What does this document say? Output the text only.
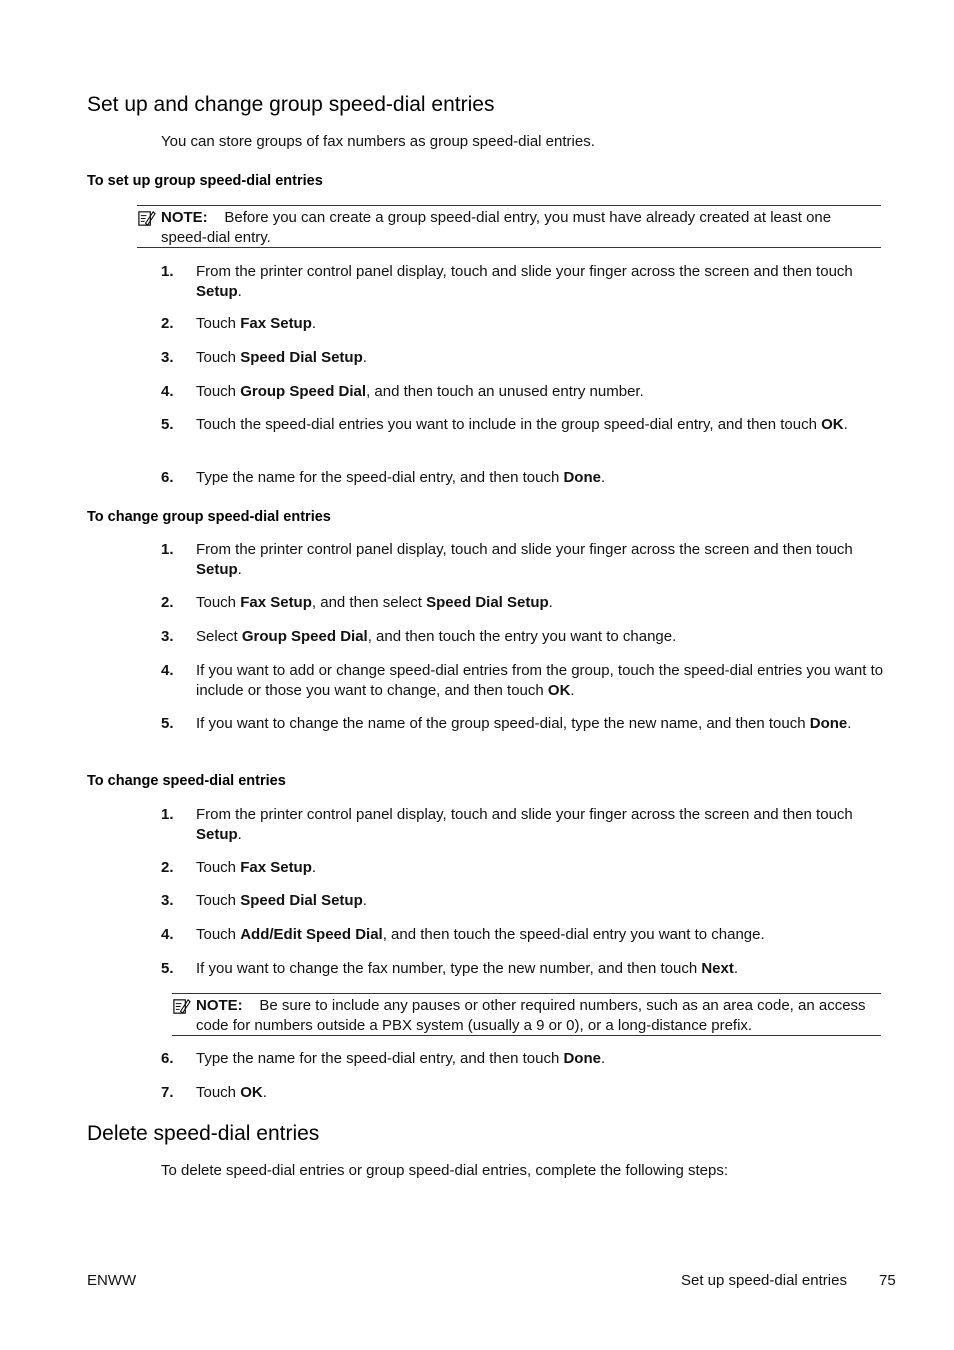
Set up and change group speed-dial entries
You can store groups of fax numbers as group speed-dial entries.
To set up group speed-dial entries
NOTE: Before you can create a group speed-dial entry, you must have already created at least one speed-dial entry.
1. From the printer control panel display, touch and slide your finger across the screen and then touch Setup.
2. Touch Fax Setup.
3. Touch Speed Dial Setup.
4. Touch Group Speed Dial, and then touch an unused entry number.
5. Touch the speed-dial entries you want to include in the group speed-dial entry, and then touch OK.
6. Type the name for the speed-dial entry, and then touch Done.
To change group speed-dial entries
1. From the printer control panel display, touch and slide your finger across the screen and then touch Setup.
2. Touch Fax Setup, and then select Speed Dial Setup.
3. Select Group Speed Dial, and then touch the entry you want to change.
4. If you want to add or change speed-dial entries from the group, touch the speed-dial entries you want to include or those you want to change, and then touch OK.
5. If you want to change the name of the group speed-dial, type the new name, and then touch Done.
To change speed-dial entries
1. From the printer control panel display, touch and slide your finger across the screen and then touch Setup.
2. Touch Fax Setup.
3. Touch Speed Dial Setup.
4. Touch Add/Edit Speed Dial, and then touch the speed-dial entry you want to change.
5. If you want to change the fax number, type the new number, and then touch Next.
6. Type the name for the speed-dial entry, and then touch Done.
7. Touch OK.
NOTE: Be sure to include any pauses or other required numbers, such as an area code, an access code for numbers outside a PBX system (usually a 9 or 0), or a long-distance prefix.
Delete speed-dial entries
To delete speed-dial entries or group speed-dial entries, complete the following steps:
ENWW	Set up speed-dial entries 75
